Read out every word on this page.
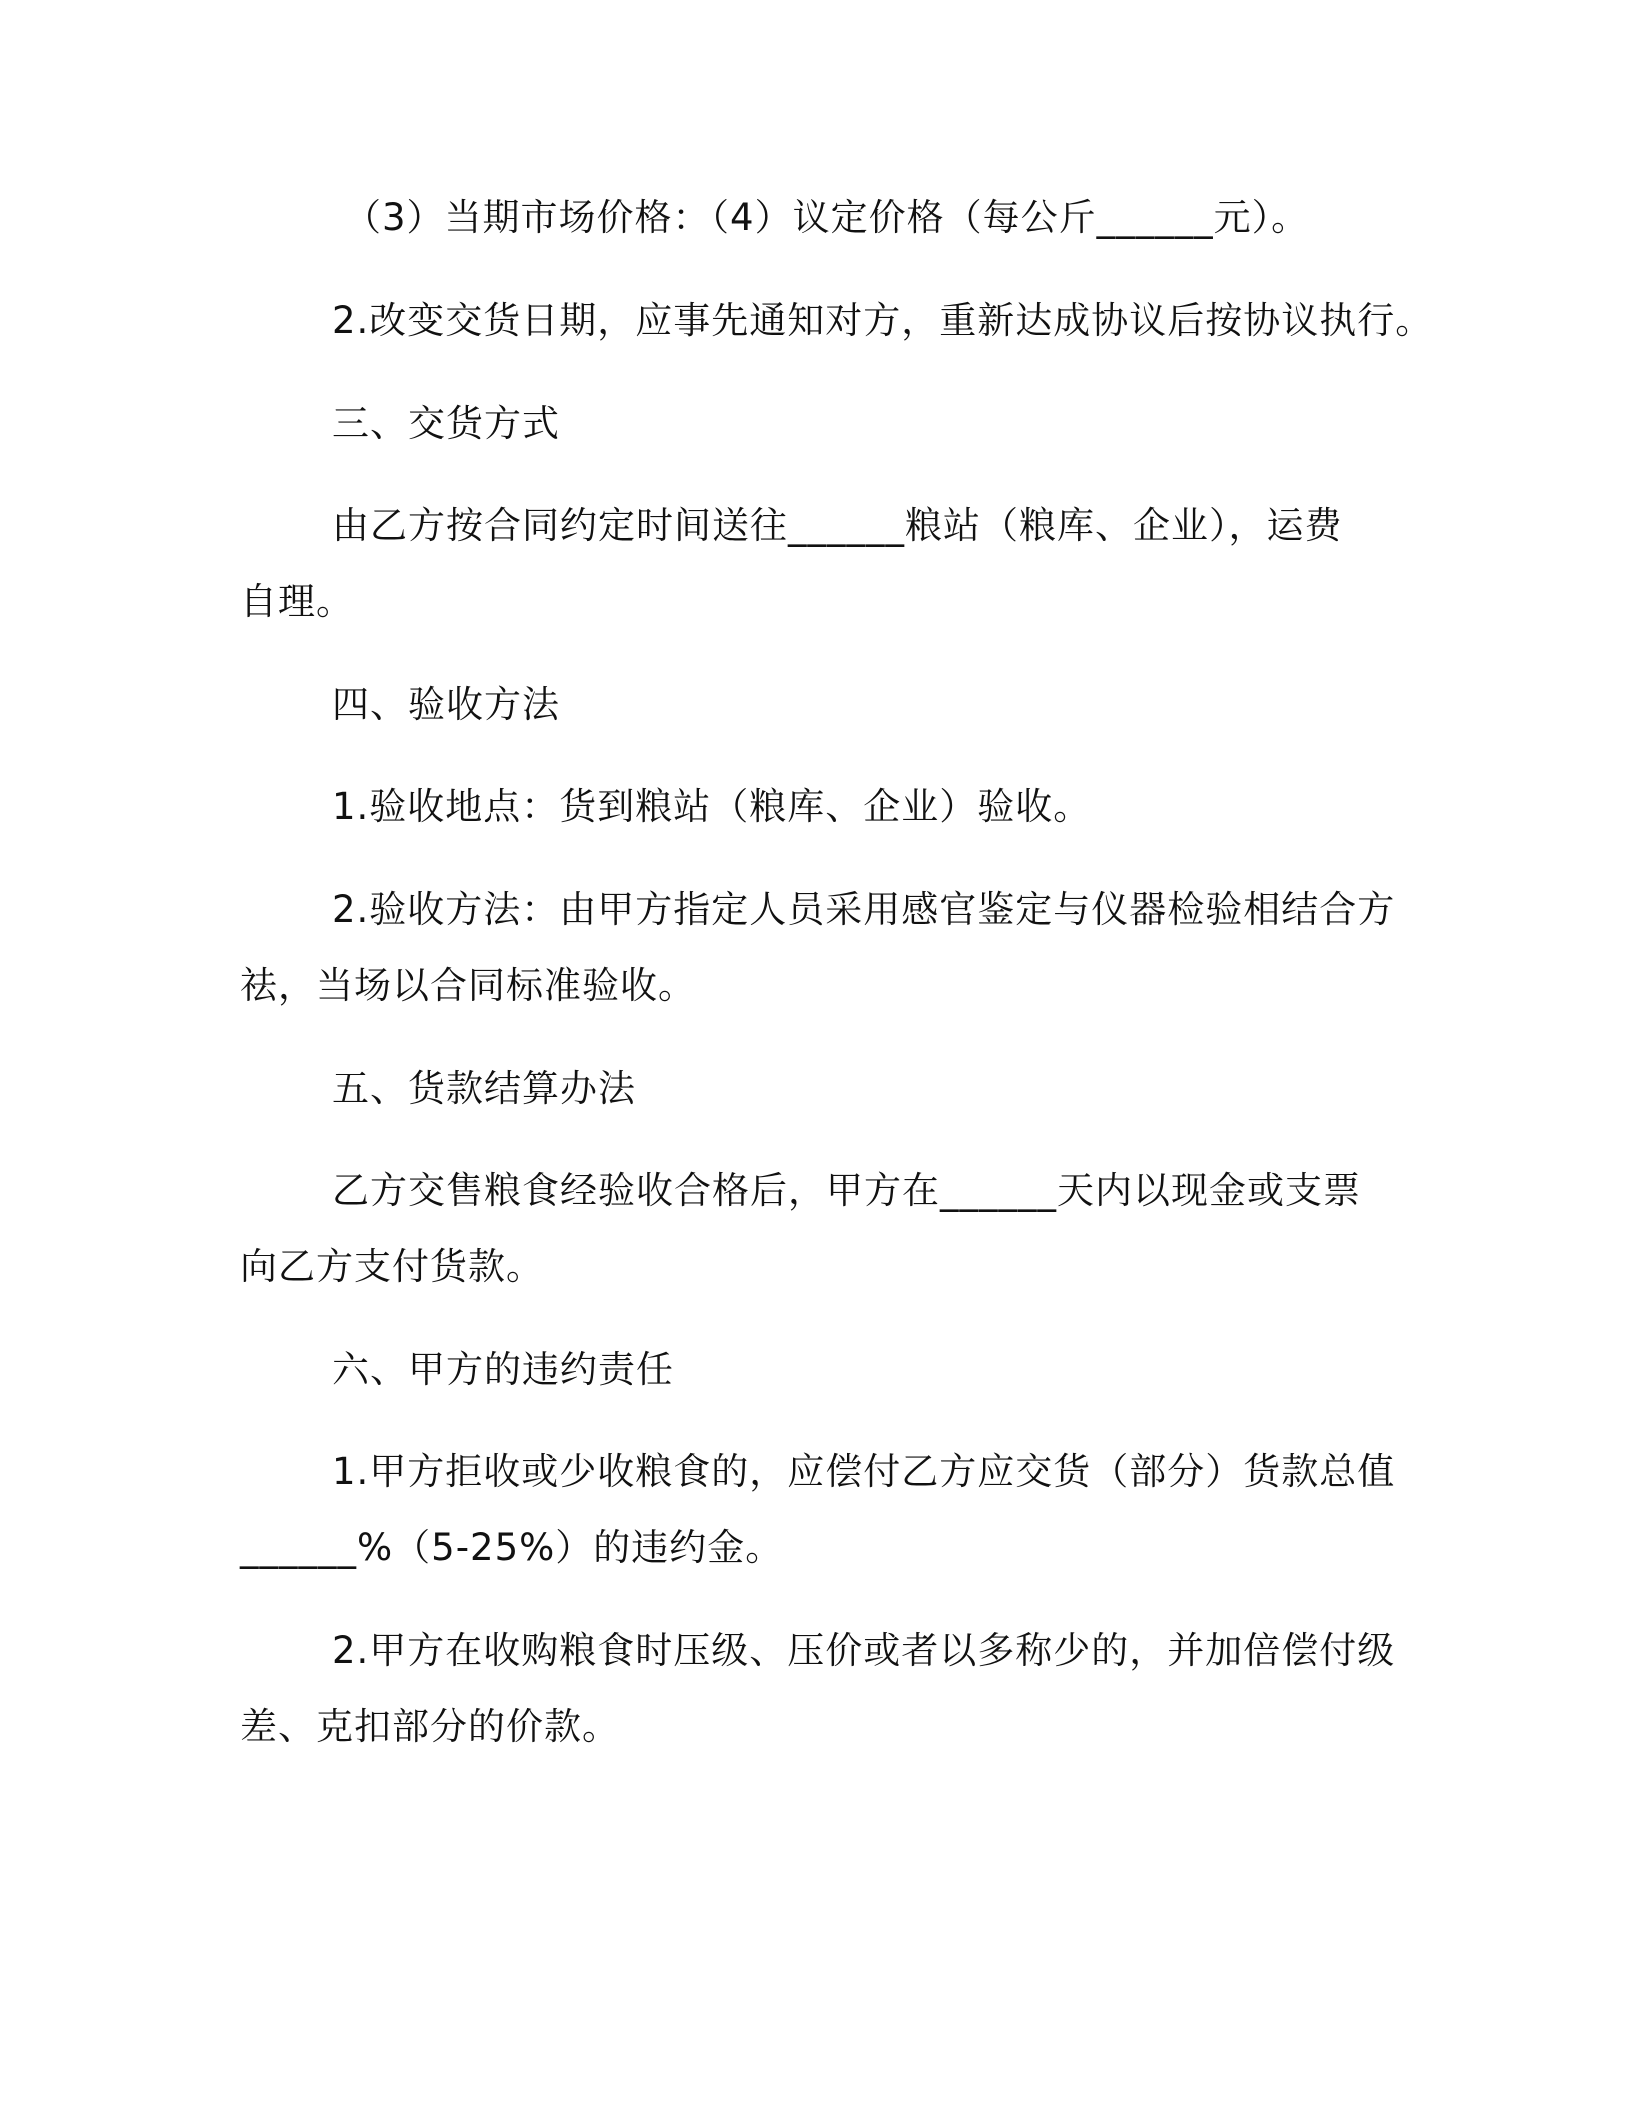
（3）当期市场价格：（4）议定价格（每公斤______元）。
2.改变交货日期，应事先通知对方，重新达成协议后按协议执行。
三、交货方式
由乙方按合同约定时间送往______粮站（粮库、企业），运费
自理。
四、验收方法
1.验收地点：货到粮站（粮库、企业）验收。
2.验收方法：由甲方指定人员采用感官鉴定与仪器检验相结合方
祛，当场以合同标准验收。
五、货款结算办法
乙方交售粮食经验收合格后，甲方在______天内以现金或支票
向乙方支付货款。
六、甲方的违约责任
1.甲方拒收或少收粮食的，应偿付乙方应交货（部分）货款总值
______%（5-25%）的违约金。
2.甲方在收购粮食时压级、压价或者以多称少的，并加倍偿付级
差、克扣部分的价款。
